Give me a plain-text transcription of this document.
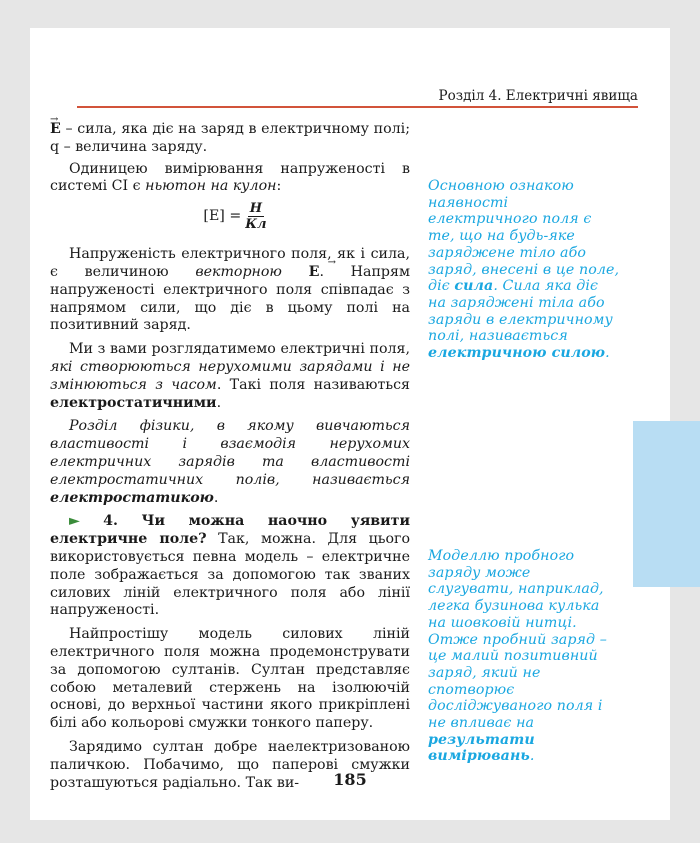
Розділ 4. Електричні явища

→ E – сила, яка діє на заряд в електричному полі; q – величина заряду.

Одиницею вимірювання напруженості в системі СІ є ньютон на кулон:

$[E] = \frac{Н}{Кл}$

Напруженість електричного поля, як і сила, є величиною векторною → E. Напрям напруженості електричного поля співпадає з напрямом сили, що діє в цьому полі на позитивний заряд.

Ми з вами розглядатимемо електричні поля, які створюються нерухомими зарядами і не змінюються з часом. Такі поля називаються електростатичними.

Розділ фізики, в якому вивчаються властивості і взаємодія нерухомих електричних зарядів та властивості електростатичних полів, називається електростатикою.

► 4. Чи можна наочно уявити електричне поле? Так, можна. Для цього використовується певна модель – електричне поле зображається за допомогою так званих силових ліній електричного поля або лінії напруженості.

Найпростішу модель силових ліній електричного поля можна продемонструвати за допомогою султанів. Султан представляє собою металевий стержень на ізолюючій основі, до верхньої частини якого прикріплені білі або кольорові смужки тонкого паперу.

Зарядимо султан добре наелектризованою паличкою. Побачимо, що паперові смужки розташуються радіально. Так ви-

Основною ознакою наявності електричного поля є те, що на будь-яке заряджене тіло або заряд, внесені в це поле, діє сила. Сила яка діє на заряджені тіла або заряди в електричному полі, називається електричною силою.

Моделлю пробного заряду може слугувати, наприклад, легка бузинова кулька на шовковій нитці. Отже пробний заряд – це малий позитивний заряд, який не спотворює досліджуваного поля і не впливає на результати вимірювань.

185
